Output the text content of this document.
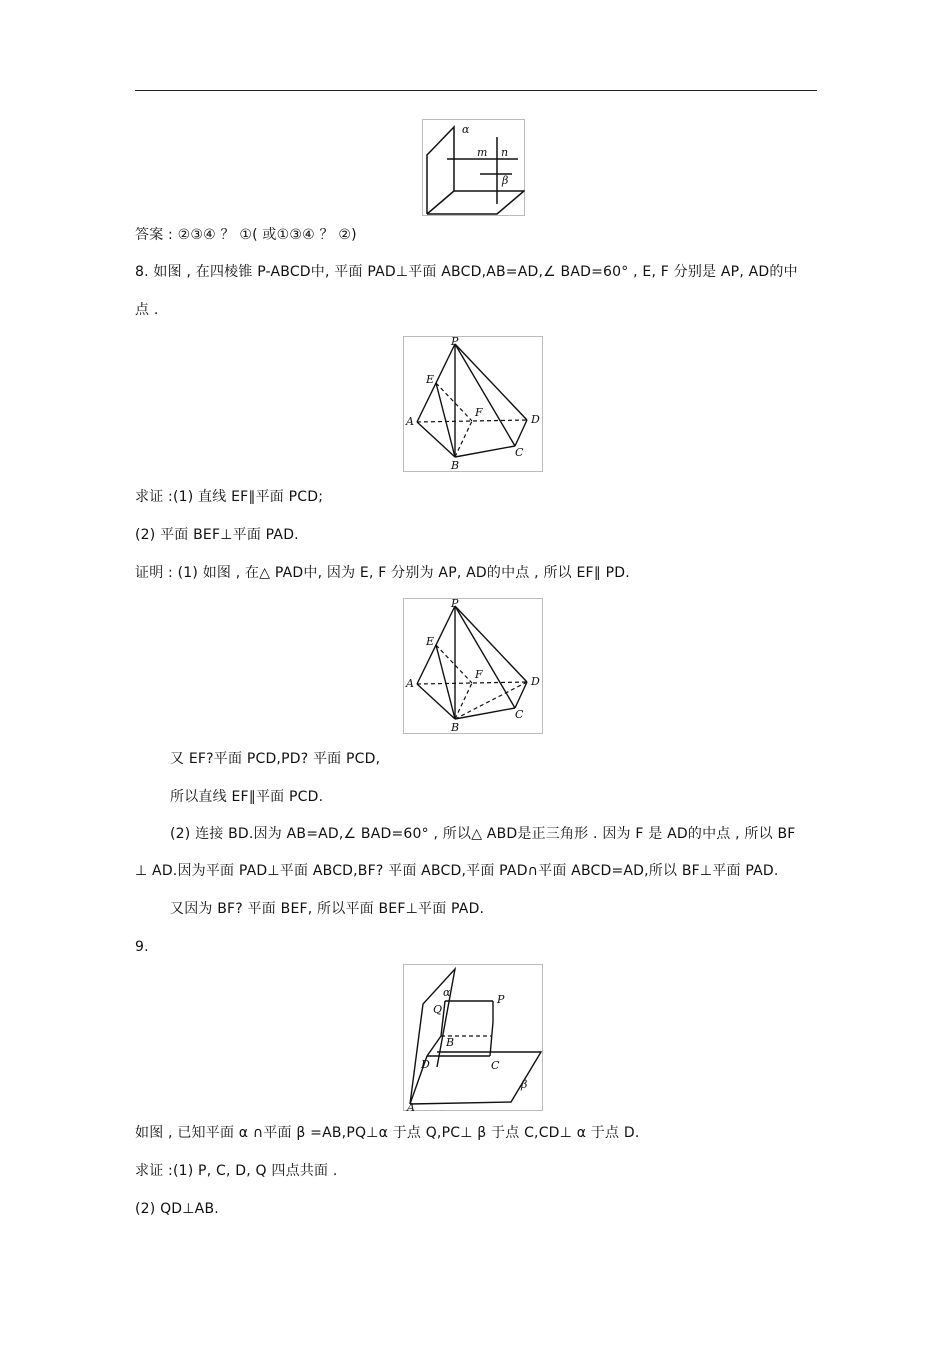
α
m n
β
答案 : ②③④ ？ ①( 或①③④ ？ ②)
8. 如图 , 在四棱锥 P-ABCD中, 平面 PAD⊥平面 ABCD,AB=AD,∠ BAD=60° , E, F 分别是 AP, AD的中
点 .
P
E
F
A	D
B
C
求证 :(1) 直线 EF∥平面 PCD;
(2) 平面 BEF⊥平面 PAD.
证明 : (1) 如图 , 在△ PAD中, 因为 E, F 分别为 AP, AD的中点 , 所以 EF∥ PD.
P
E
F
A	D
B
C
又 EF?平面 PCD,PD? 平面 PCD,
所以直线 EF∥平面 PCD.
(2) 连接 BD.因为 AB=AD,∠ BAD=60° , 所以△ ABD是正三角形 . 因为 F 是 AD的中点 , 所以 BF
⊥ AD.因为平面 PAD⊥平面 ABCD,BF? 平面 ABCD,平面 PAD∩平面 ABCD=AD,所以 BF⊥平面 PAD.
又因为 BF? 平面 BEF, 所以平面 BEF⊥平面 PAD.
9.
α
Q
P
B
D	C
A
β
如图 , 已知平面 α ∩平面 β =AB,PQ⊥α 于点 Q,PC⊥ β 于点 C,CD⊥ α 于点 D.
求证 :(1) P, C, D, Q 四点共面 .
(2) QD⊥AB.
